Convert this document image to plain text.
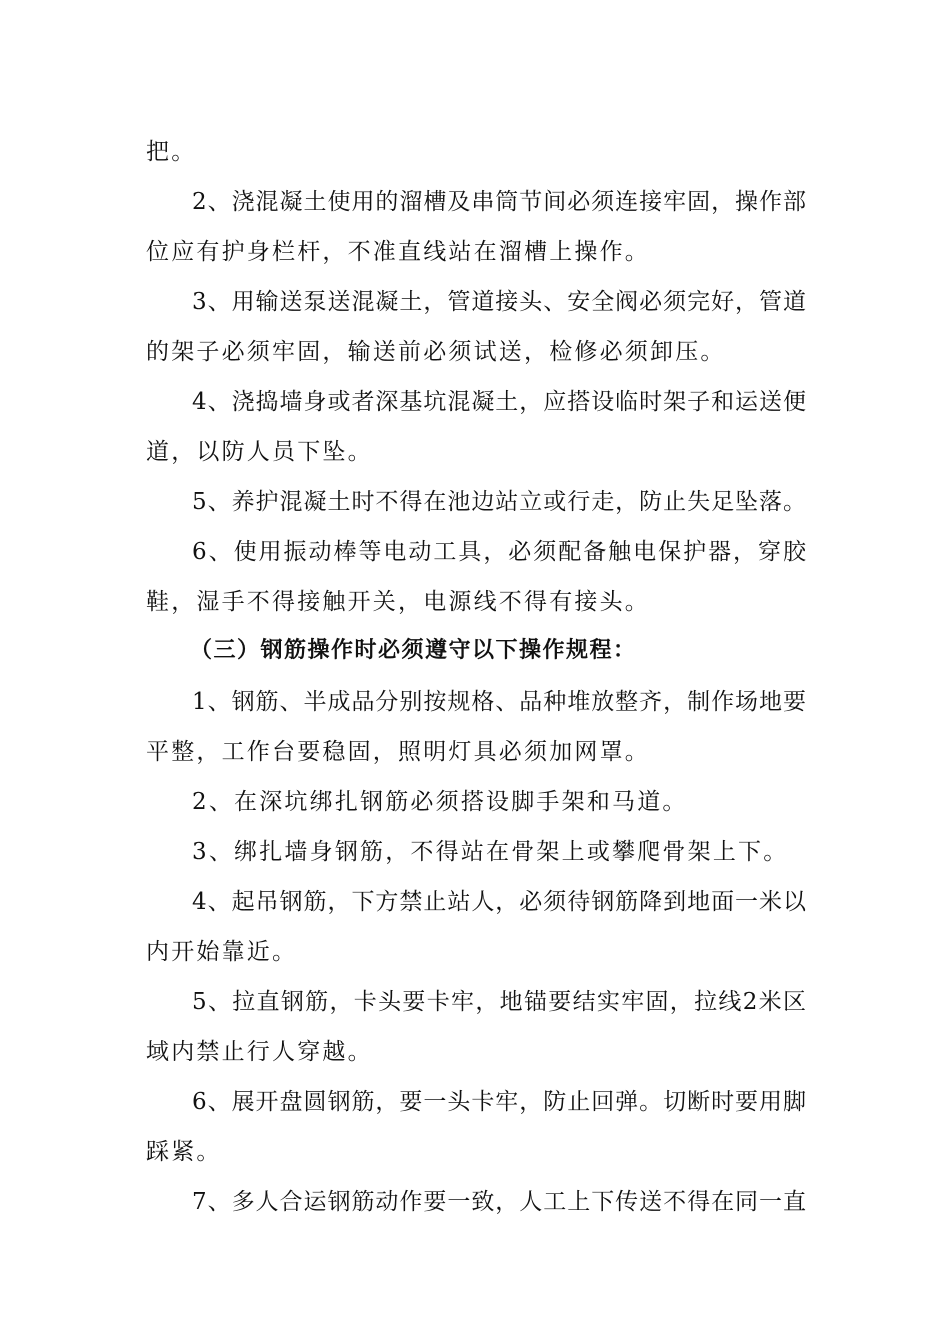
把。
2、浇混凝土使用的溜槽及串筒节间必须连接牢固，操作部
位应有护身栏杆，不准直线站在溜槽上操作。
3、用输送泵送混凝土，管道接头、安全阀必须完好，管道
的架子必须牢固，输送前必须试送，检修必须卸压。
4、浇捣墙身或者深基坑混凝土，应搭设临时架子和运送便
道，以防人员下坠。
5、养护混凝土时不得在池边站立或行走，防止失足坠落。
6、使用振动棒等电动工具，必须配备触电保护器，穿胶
鞋，湿手不得接触开关，电源线不得有接头。
（三）钢筋操作时必须遵守以下操作规程：
1、钢筋、半成品分别按规格、品种堆放整齐，制作场地要
平整，工作台要稳固，照明灯具必须加网罩。
2、在深坑绑扎钢筋必须搭设脚手架和马道。
3、绑扎墙身钢筋，不得站在骨架上或攀爬骨架上下。
4、起吊钢筋，下方禁止站人，必须待钢筋降到地面一米以
内开始靠近。
5、拉直钢筋，卡头要卡牢，地锚要结实牢固，拉线2米区
域内禁止行人穿越。
6、展开盘圆钢筋，要一头卡牢，防止回弹。切断时要用脚
踩紧。
7、多人合运钢筋动作要一致，人工上下传送不得在同一直
